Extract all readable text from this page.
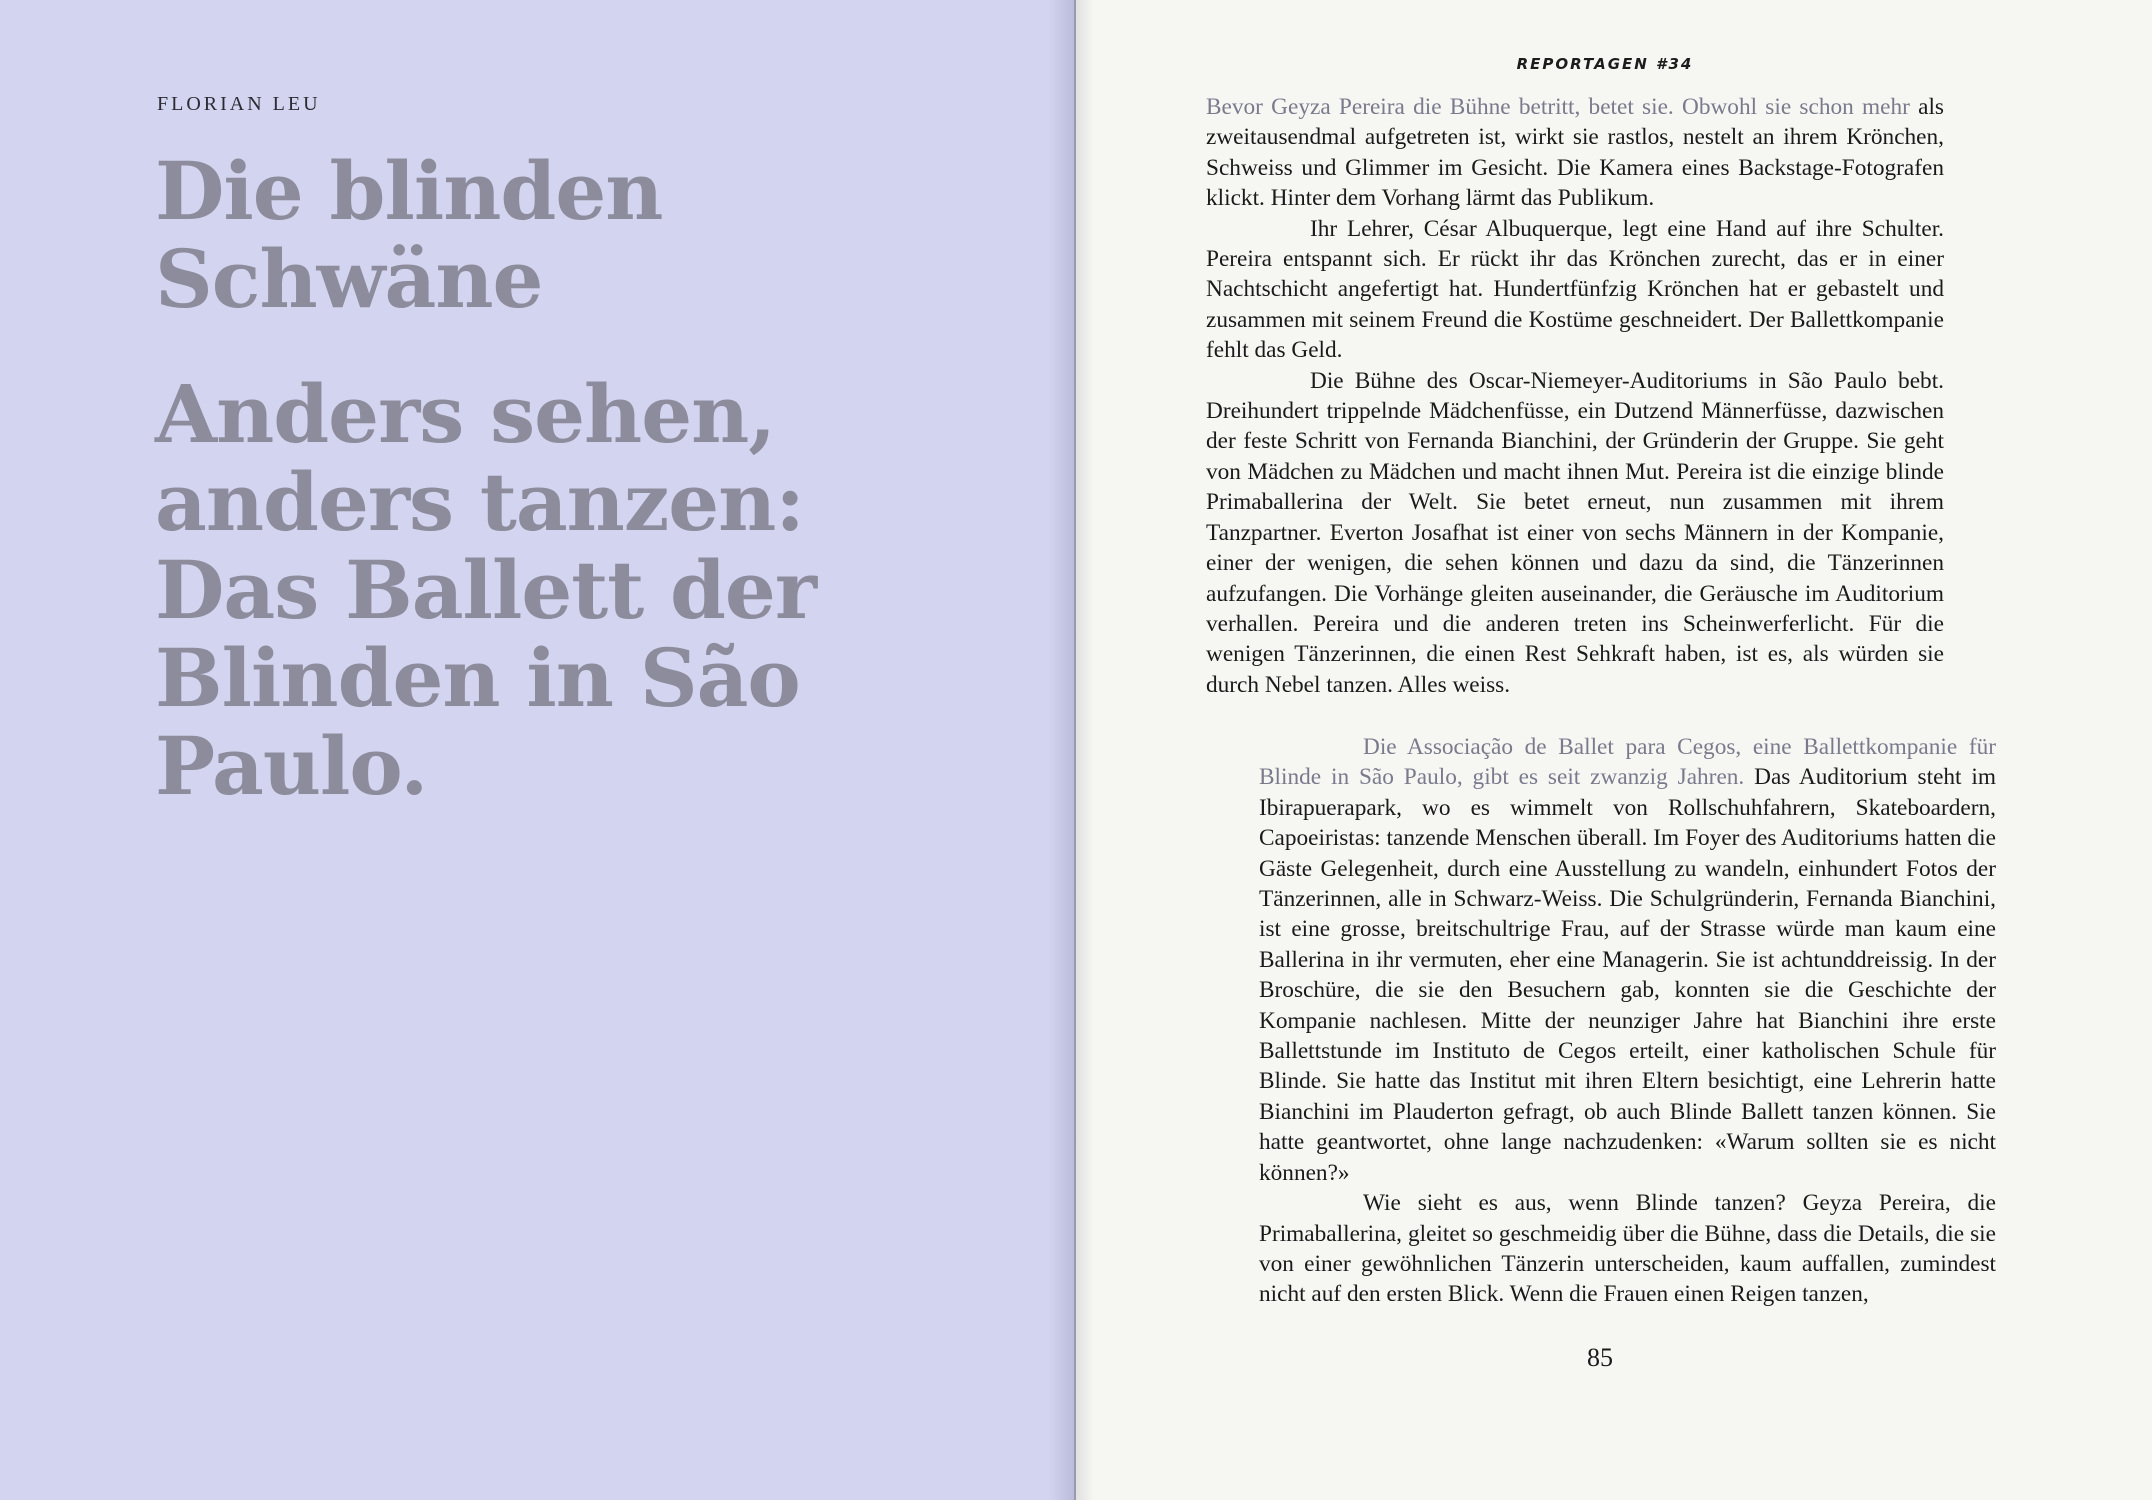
FLORIAN LEU

Die blinden Schwäne
Anders sehen, anders tanzen: Das Ballett der Blinden in São Paulo.

REPORTAGEN #34

Bevor Geyza Pereira die Bühne betritt, betet sie. Obwohl sie schon mehr als zweitausendmal aufgetreten ist, wirkt sie rastlos, nestelt an ihrem Krönchen, Schweiss und Glimmer im Gesicht. Die Kamera eines Backstage-Fotografen klickt. Hinter dem Vorhang lärmt das Publikum.

Ihr Lehrer, César Albuquerque, legt eine Hand auf ihre Schulter. Pereira entspannt sich. Er rückt ihr das Krönchen zurecht, das er in einer Nachtschicht angefertigt hat. Hundertfünfzig Krönchen hat er gebastelt und zusammen mit seinem Freund die Kostüme geschneidert. Der Ballettkompanie fehlt das Geld.

Die Bühne des Oscar-Niemeyer-Auditoriums in São Paulo bebt. Dreihundert trippelnde Mädchenfüsse, ein Dutzend Männerfüsse, dazwischen der feste Schritt von Fernanda Bianchini, der Gründerin der Gruppe. Sie geht von Mädchen zu Mädchen und macht ihnen Mut. Pereira ist die einzige blinde Primaballerina der Welt. Sie betet erneut, nun zusammen mit ihrem Tanzpartner. Everton Josafhat ist einer von sechs Männern in der Kompanie, einer der wenigen, die sehen können und dazu da sind, die Tänzerinnen aufzufangen. Die Vorhänge gleiten auseinander, die Geräusche im Auditorium verhallen. Pereira und die anderen treten ins Scheinwerferlicht. Für die wenigen Tänzerinnen, die einen Rest Sehkraft haben, ist es, als würden sie durch Nebel tanzen. Alles weiss.

Die Associação de Ballet para Cegos, eine Ballettkompanie für Blinde in São Paulo, gibt es seit zwanzig Jahren. Das Auditorium steht im Ibirapuerapark, wo es wimmelt von Rollschuhfahrern, Skateboardern, Capoeiristas: tanzende Menschen überall. Im Foyer des Auditoriums hatten die Gäste Gelegenheit, durch eine Ausstellung zu wandeln, einhundert Fotos der Tänzerinnen, alle in Schwarz-Weiss. Die Schulgründerin, Fernanda Bianchini, ist eine grosse, breitschultrige Frau, auf der Strasse würde man kaum eine Ballerina in ihr vermuten, eher eine Managerin. Sie ist achtunddreissig. In der Broschüre, die sie den Besuchern gab, konnten sie die Geschichte der Kompanie nachlesen. Mitte der neunziger Jahre hat Bianchini ihre erste Ballettstunde im Instituto de Cegos erteilt, einer katholischen Schule für Blinde. Sie hatte das Institut mit ihren Eltern besichtigt, eine Lehrerin hatte Bianchini im Plauderton gefragt, ob auch Blinde Ballett tanzen können. Sie hatte geantwortet, ohne lange nachzudenken: «Warum sollten sie es nicht können?»

Wie sieht es aus, wenn Blinde tanzen? Geyza Pereira, die Primaballerina, gleitet so geschmeidig über die Bühne, dass die Details, die sie von einer gewöhnlichen Tänzerin unterscheiden, kaum auffallen, zumindest nicht auf den ersten Blick. Wenn die Frauen einen Reigen tanzen,

85
